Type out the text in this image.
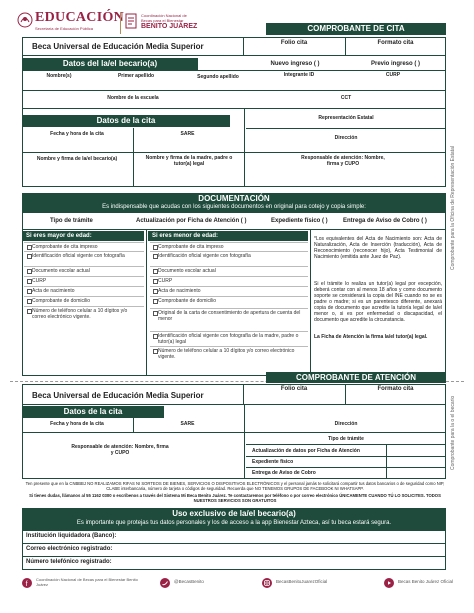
EDUCACIÓN
Secretaría de Educación Pública
Coordinación Nacional de
Becas para el Bienestar
BENITO JUÁREZ	COMPROBANTE DE CITA
Beca Universal de Educación Media Superior	Folio cita	Formato cita
Datos del la/el becario(a)	Nuevo ingreso ( )	Previo ingreso ( )
Nombre(s)	Primer apellido	Segundo apellido	Integrante ID	CURP
Nombre de la escuela	CCT
Datos de la cita	Representación Estatal
Fecha y hora de la cita	SARE
Dirección
Nombre y firma de la/el becario(a)	Nombre y firma de la madre, padre o tutor(a) legal
Responsable de atención: Nombre, firma y CUPO
DOCUMENTACIÓN
Es indispensable que acudas con los siguientes documentos en original para cotejo y copia simple:
Tipo de trámite	Actualización por Ficha de Atención ( )	Expediente físico ( )	Entrega de Aviso de Cobro ( )
Si eres mayor de edad:	Si eres menor de edad:
Comprobante de cita impreso
Identificación oficial vigente con fotografía
Documento escolar actual
CURP
Acta de nacimiento
Comprobante de domicilio
Número de teléfono celular a 10 dígitos y/o correo electrónico vigente.
Comprobante de cita impreso
Identificación oficial vigente con fotografía
Documento escolar actual
CURP
Acta de nacimiento
Comprobante de domicilio
Original de la carta de consentimiento de apertura de cuenta del menor
Identificación oficial vigente con fotografía de la madre, padre o tutor(a) legal
Número de teléfono celular a 10 dígitos y/o correo electrónico vigente.
*Los equivalentes del Acta de Nacimiento son: Acta de Naturalización, Acta de Inserción (traducción), Acta de Reconocimiento (reconocer hijo), Acta Testimonial de Nacimiento (emitida ante Juez de Paz).
Si el trámite lo realiza un tutor(a) legal por excepción, deberá contar con al menos 18 años y como documento soporte se considerará la copia del INE cuando no se es padre o madre; si es un parentesco diferente, anexará copia de documento que acredite la tutoría legal de la/el menor o, si es por enfermedad o discapacidad, el documento que acredite la circunstancia.
La Ficha de Atención la firma la/el tutor(a) legal.
Comprobante para la Oficina de Representación Estatal
COMPROBANTE DE ATENCIÓN
Beca Universal de Educación Media Superior
Folio cita	Formato cita
Datos de la cita
Fecha y hora de la cita	SARE	Dirección
Responsable de atención: Nombre, firma y CUPO
Tipo de trámite
Actualización de datos por Ficha de Atención
Expediente físico
Entrega de Aviso de Cobro
Comprobante para la o el becario
Ten presente que en la CNBBBJ NO REALIZAMOS RIFAS NI SORTEOS DE BIENES, SERVICIOS O DISPOSITIVOS ELECTRÓNICOS y el personal jamás te solicitará compartir tus datos bancarios o de seguridad como NIP, CLABE interbancaria, número de tarjeta o códigos de seguridad. Recuerda que NO TENEMOS GRUPOS DE FACEBOOK NI WHATSAPP.
Si tienes dudas, llámanos al 55 1162 0300 o escríbenos a través del Sistema Mi Beca Benito Juárez. Te contactaremos por teléfono o por correo electrónico ÚNICAMENTE CUANDO TÚ LO SOLICITES. TODOS NUESTROS SERVICIOS SON GRATUITOS
Uso exclusivo de la/el becario(a)
Es importante que protejas tus datos personales y los de acceso a la app Bienestar Azteca, así tu beca estará segura.
Institución liquidadora (Banco):
Correo electrónico registrado:
Número telefónico registrado:
f
Coordinación Nacional de Becas para el Bienestar Benito Juárez
@BecasBenito	BecasBenitoJuarezOficial	Becas Benito Juárez Oficial
